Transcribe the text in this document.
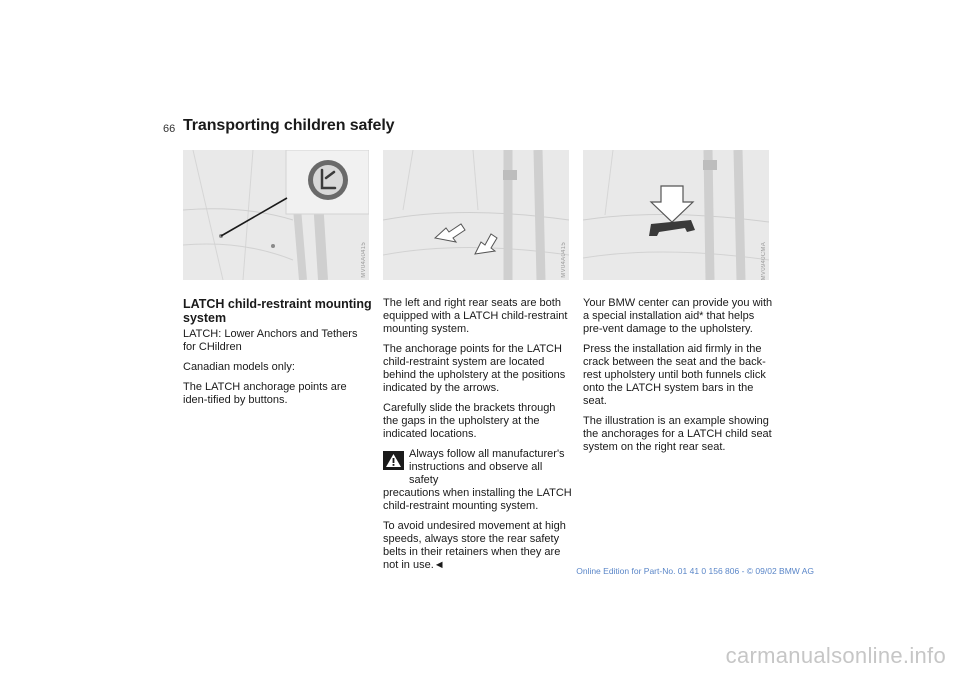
66 Transporting children safely
MV04A0415	MV04A0415	MV0940CMA
LATCH child-restraint mounting system

LATCH: Lower Anchors and Tethers for CHildren

Canadian models only:

The LATCH anchorage points are iden-tified by buttons.

The left and right rear seats are both equipped with a LATCH child-restraint mounting system.

The anchorage points for the LATCH child-restraint system are located behind the upholstery at the positions indicated by the arrows.

Carefully slide the brackets through the gaps in the upholstery at the indicated locations.

Always follow all manufacturer's instructions and observe all safety

precautions when installing the LATCH child-restraint mounting system.

To avoid undesired movement at high speeds, always store the rear safety belts in their retainers when they are not in use.◄

Your BMW center can provide you with a special installation aid* that helps pre-vent damage to the upholstery.

Press the installation aid firmly in the crack between the seat and the back-rest upholstery until both funnels click onto the LATCH system bars in the seat.

The illustration is an example showing the anchorages for a LATCH child seat system on the right rear seat.

Online Edition for Part-No. 01 41 0 156 806 - © 09/02 BMW AG
carmanualsonline.info
